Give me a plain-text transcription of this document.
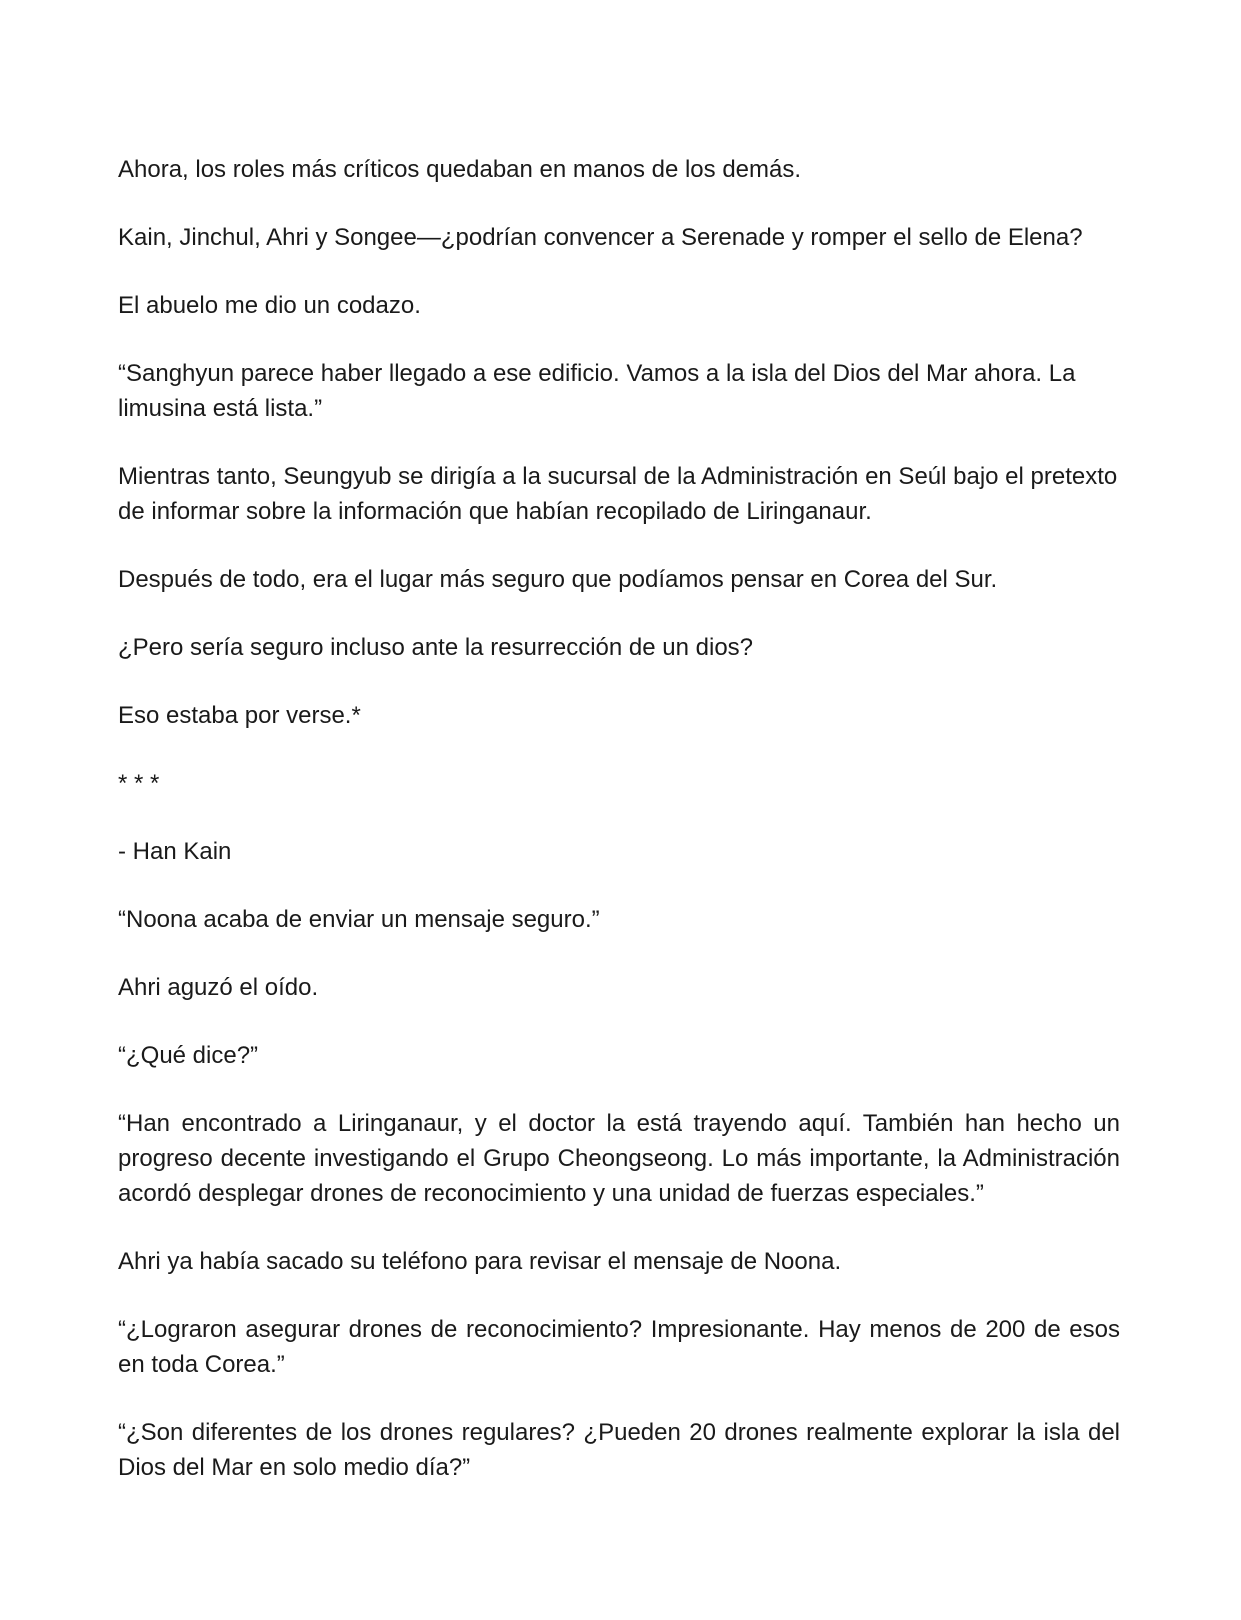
Ahora, los roles más críticos quedaban en manos de los demás.

Kain, Jinchul, Ahri y Songee—¿podrían convencer a Serenade y romper el sello de Elena?

El abuelo me dio un codazo.

“Sanghyun parece haber llegado a ese edificio. Vamos a la isla del Dios del Mar ahora. La limusina está lista.”

Mientras tanto, Seungyub se dirigía a la sucursal de la Administración en Seúl bajo el pretexto de informar sobre la información que habían recopilado de Liringanaur.

Después de todo, era el lugar más seguro que podíamos pensar en Corea del Sur.

¿Pero sería seguro incluso ante la resurrección de un dios?

Eso estaba por verse.*

* * *

- Han Kain

“Noona acaba de enviar un mensaje seguro.”

Ahri aguzó el oído.

“¿Qué dice?”

“Han encontrado a Liringanaur, y el doctor la está trayendo aquí. También han hecho un progreso decente investigando el Grupo Cheongseong. Lo más importante, la Administración acordó desplegar drones de reconocimiento y una unidad de fuerzas especiales.”

Ahri ya había sacado su teléfono para revisar el mensaje de Noona.

“¿Lograron asegurar drones de reconocimiento? Impresionante. Hay menos de 200 de esos en toda Corea.”

“¿Son diferentes de los drones regulares? ¿Pueden 20 drones realmente explorar la isla del Dios del Mar en solo medio día?”
